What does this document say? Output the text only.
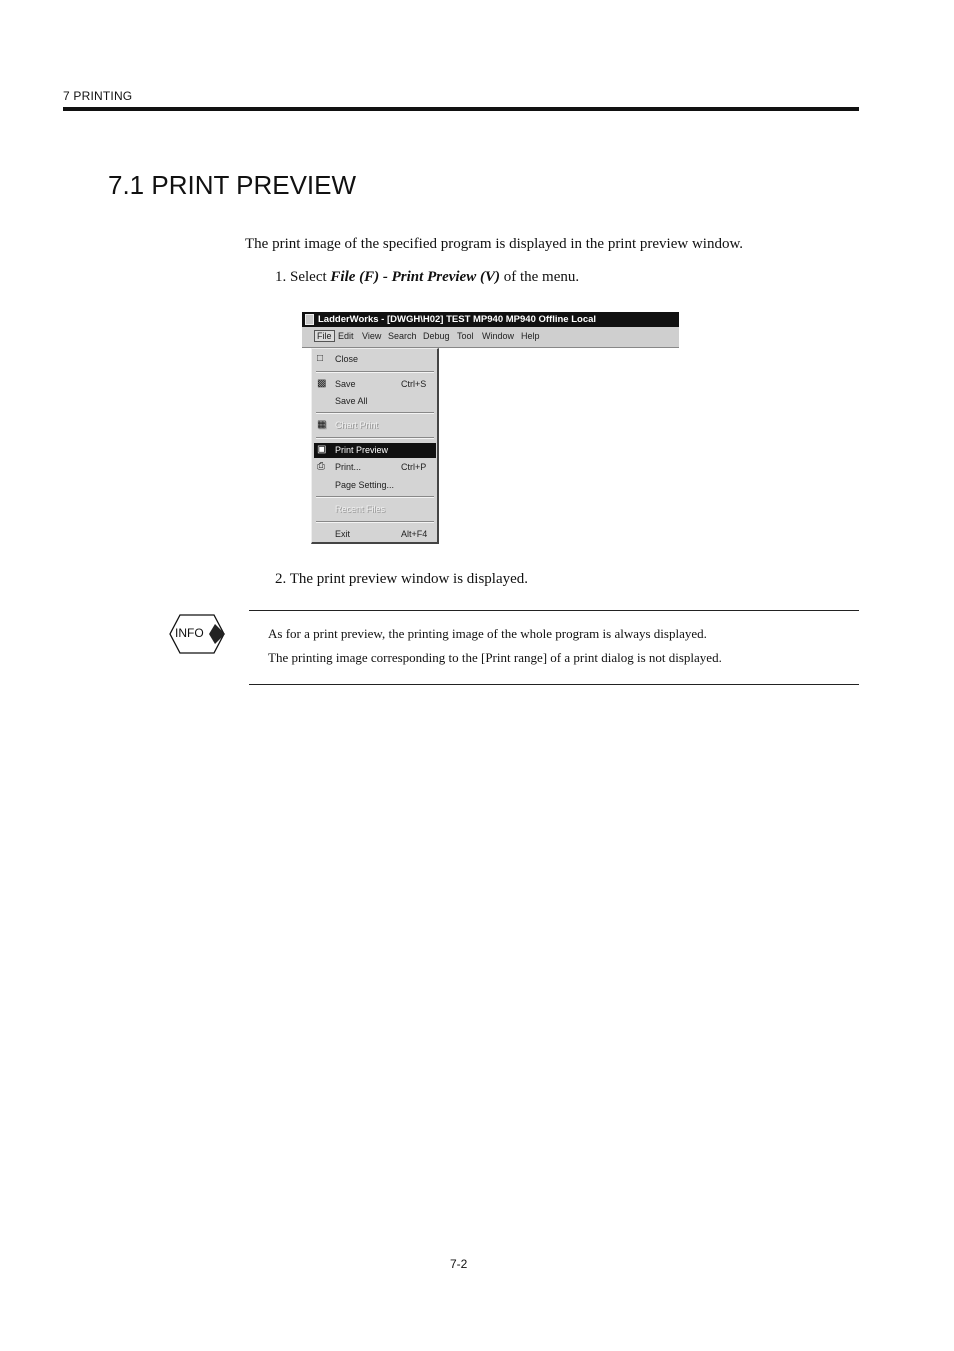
7 PRINTING
7.1 PRINT PREVIEW
The print image of the specified program is displayed in the print preview window.
1. Select File (F) - Print Preview (V) of the menu.
LadderWorks - [DWGH\H02] TEST MP940 MP940 Offline Local
File Edit View Search Debug Tool Window Help
□	Close
▩ Save	Ctrl+S
Save All
▦ Chart Print
▣ Print Preview
⎙ Print...	Ctrl+P
Page Setting...
Recent Files
Exit	Alt+F4
2. The print preview window is displayed.
INFO	As for a print preview, the printing image of the whole program is always displayed.
The printing image corresponding to the [Print range] of a print dialog is not displayed.
7-2
